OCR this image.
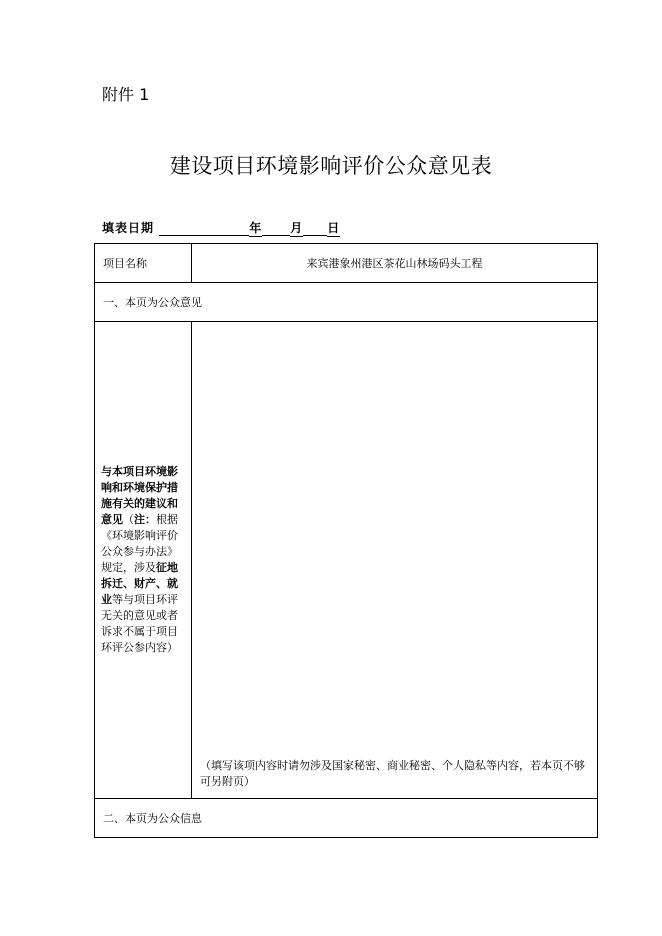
附件 1
建设项目环境影响评价公众意见表
填表日期	年 月 日
项目名称	来宾港象州港区茶花山林场码头工程
一、本页为公众意见	
与本项目环境影响和环境保护措施有关的建议和意见（注：根据《环境影响评价公众参与办法》规定，涉及征地拆迁、财产、就业等与项目环评无关的意见或者诉求不属于项目环评公参内容）	（填写该项内容时请勿涉及国家秘密、商业秘密、个人隐私等内容，若本页不够可另附页）

二、本页为公众信息	
